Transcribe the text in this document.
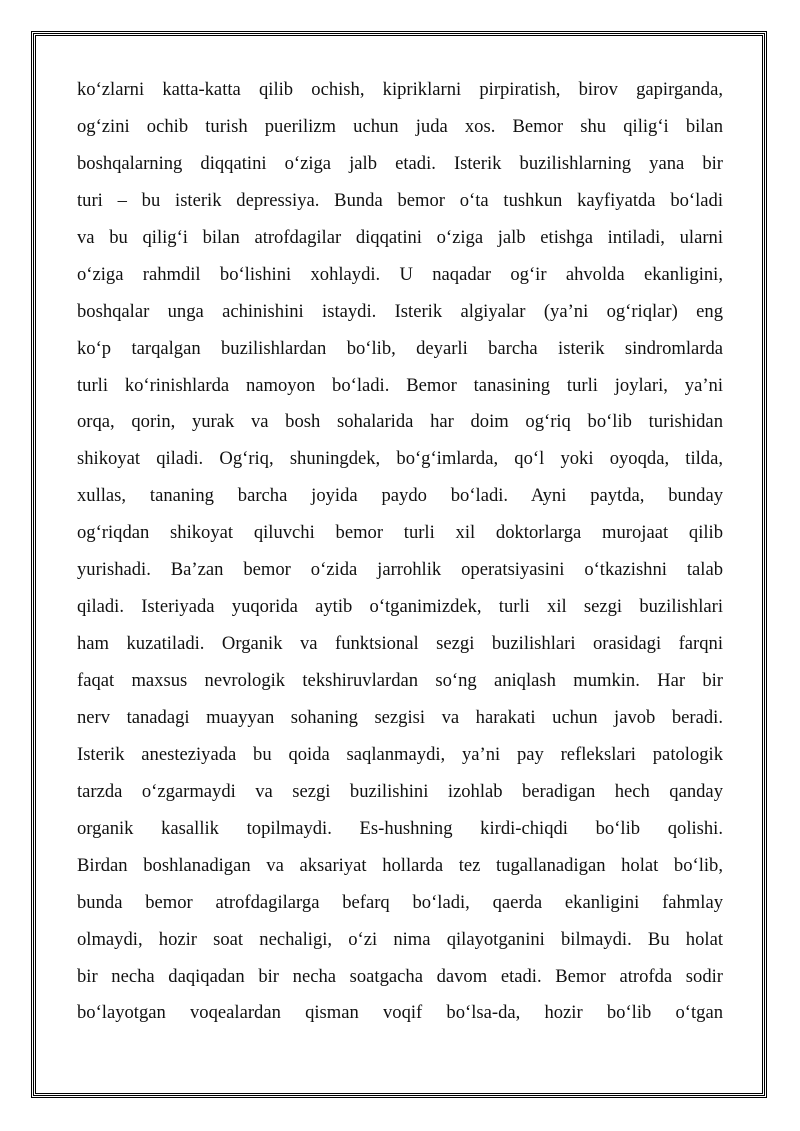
ko‘zlarni katta-katta qilib ochish, kipriklarni pirpiratish, birov gapirganda,
og‘zini ochib turish puerilizm uchun juda xos. Bemor shu qilig‘i bilan
boshqalarning diqqatini o‘ziga jalb etadi. Isterik buzilishlarning yana bir
turi – bu isterik depressiya. Bunda bemor o‘ta tushkun kayfiyatda bo‘ladi
va bu qilig‘i bilan atrofdagilar diqqatini o‘ziga jalb etishga intiladi, ularni
o‘ziga rahmdil bo‘lishini xohlaydi. U naqadar og‘ir ahvolda ekanligini,
boshqalar unga achinishini istaydi. Isterik algiyalar (ya’ni og‘riqlar) eng
ko‘p tarqalgan buzilishlardan bo‘lib, deyarli barcha isterik sindromlarda
turli ko‘rinishlarda namoyon bo‘ladi. Bemor tanasining turli joylari, ya’ni
orqa, qorin, yurak va bosh sohalarida har doim og‘riq bo‘lib turishidan
shikoyat qiladi. Og‘riq, shuningdek, bo‘g‘imlarda, qo‘l yoki oyoqda, tilda,
xullas, tananing barcha joyida paydo bo‘ladi. Ayni paytda, bunday
og‘riqdan shikoyat qiluvchi bemor turli xil doktorlarga murojaat qilib
yurishadi. Ba’zan bemor o‘zida jarrohlik operatsiyasini o‘tkazishni talab
qiladi. Isteriyada yuqorida aytib o‘tganimizdek, turli xil sezgi buzilishlari
ham kuzatiladi. Organik va funktsional sezgi buzilishlari orasidagi farqni
faqat maxsus nevrologik tekshiruvlardan so‘ng aniqlash mumkin. Har bir
nerv tanadagi muayyan sohaning sezgisi va harakati uchun javob beradi.
Isterik anesteziyada bu qoida saqlanmaydi, ya’ni pay reflekslari patologik
tarzda o‘zgarmaydi va sezgi buzilishini izohlab beradigan hech qanday
organik kasallik topilmaydi. Es-hushning kirdi-chiqdi bo‘lib qolishi.
Birdan boshlanadigan va aksariyat hollarda tez tugallanadigan holat bo‘lib,
bunda bemor atrofdagilarga befarq bo‘ladi, qaerda ekanligini fahmlay
olmaydi, hozir soat nechaligi, o‘zi nima qilayotganini bilmaydi. Bu holat
bir necha daqiqadan bir necha soatgacha davom etadi. Bemor atrofda sodir
bo‘layotgan voqealardan qisman voqif bo‘lsa-da, hozir bo‘lib o‘tgan
